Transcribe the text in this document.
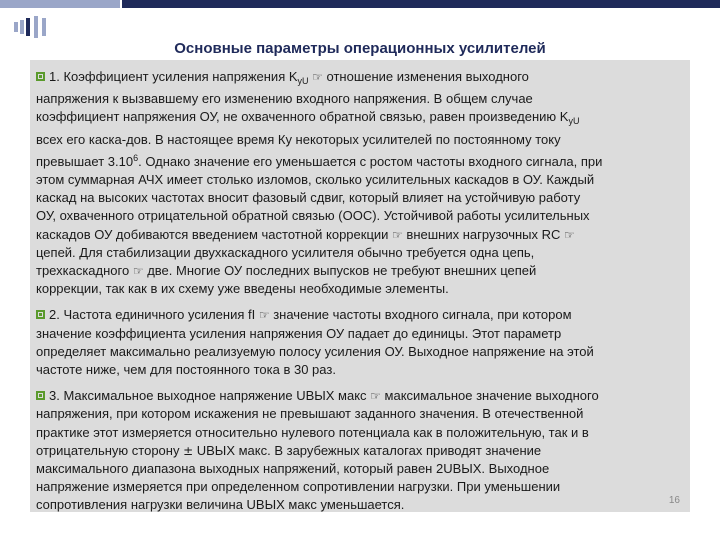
Основные параметры операционных усилителей
1. Коэффициент усиления напряжения $K_{уU}$ ☞ отношение изменения выходного
напряжения к вызвавшему его изменению входного напряжения. В общем случае
коэффициент напряжения ОУ, не охваченного обратной связью, равен произведению $K_{уU}$
всех его каска-дов. В настоящее время Ку некоторых усилителей по постоянному току
превышает 3.10$^6$. Однако значение его уменьшается с ростом частоты входного сигнала, при
этом суммарная АЧХ имеет столько изломов, сколько усилительных каскадов в ОУ. Каждый
каскад на высоких частотах вносит фазовый сдвиг, который влияет на устойчивую работу
ОУ, охваченного отрицательной обратной связью (ООС). Устойчивой работы усилительных
каскадов ОУ добиваются введением частотной коррекции ☞ внешних нагрузочных RC ☞
цепей. Для стабилизации двухкаскадного усилителя обычно требуется одна цепь,
трехкаскадного ☞ две. Многие ОУ последних выпусков не требуют внешних цепей
коррекции, так как в их схему уже введены необходимые элементы.
2. Частота единичного усиления fI ☞ значение частоты входного сигнала, при котором
значение коэффициента усиления напряжения ОУ падает до единицы. Этот параметр
определяет максимально реализуемую полосу усиления ОУ. Выходное напряжение на этой
частоте ниже, чем для постоянного тока в 30 раз.
3. Максимальное выходное напряжение UВЫХ макс ☞ максимальное значение выходного
напряжения, при котором искажения не превышают заданного значения. В отечественной
практике этот измеряется относительно нулевого потенциала как в положительную, так и в
отрицательную сторону ± UВЫХ макс. В зарубежных каталогах приводят значение
максимального диапазона выходных напряжений, который равен 2UВЫХ. Выходное
напряжение измеряется при определенном сопротивлении нагрузки. При уменьшении
сопротивления нагрузки величина UВЫХ макс уменьшается.	16
